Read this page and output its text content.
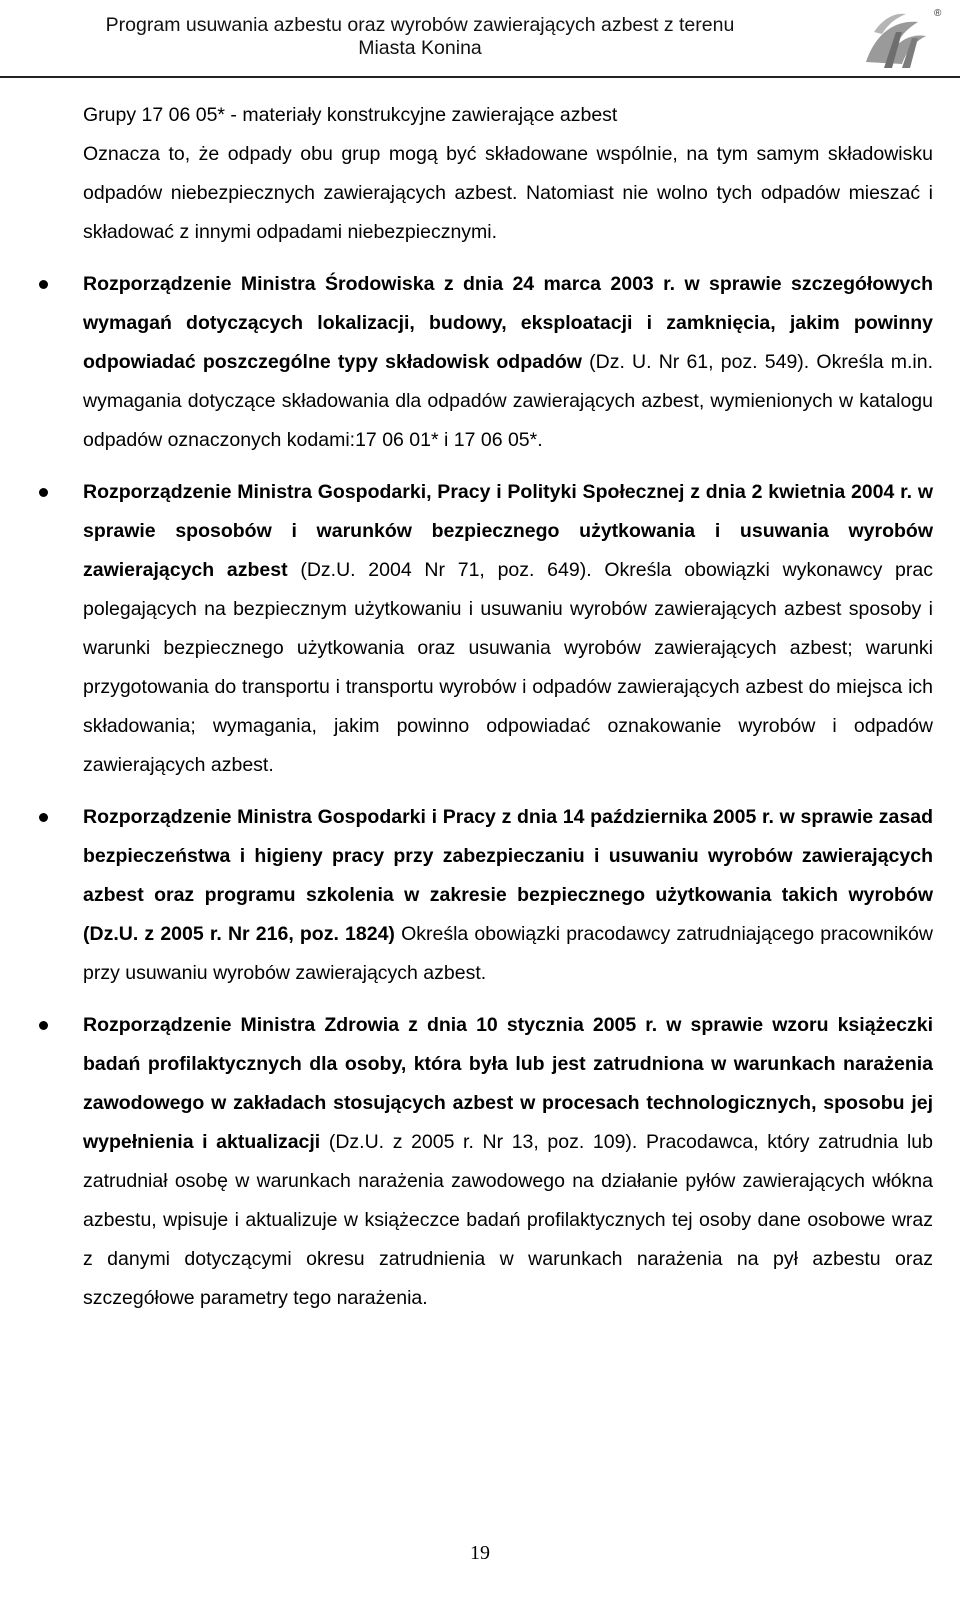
Program usuwania azbestu oraz wyrobów zawierających azbest z terenu
Miasta Konina
®

Grupy 17 06 05* - materiały konstrukcyjne zawierające azbest

Oznacza to, że odpady obu grup mogą być składowane wspólnie, na tym samym składowisku odpadów niebezpiecznych zawierających azbest. Natomiast nie wolno tych odpadów mieszać i składować z innymi odpadami niebezpiecznymi.

Rozporządzenie Ministra Środowiska z dnia 24 marca 2003 r. w sprawie szczegółowych wymagań dotyczących lokalizacji, budowy, eksploatacji i zamknięcia, jakim powinny odpowiadać poszczególne typy składowisk odpadów (Dz. U. Nr 61, poz. 549). Określa m.in. wymagania dotyczące składowania dla odpadów zawierających azbest, wymienionych w katalogu odpadów oznaczonych kodami:17 06 01* i 17 06 05*.

Rozporządzenie Ministra Gospodarki, Pracy i Polityki Społecznej z dnia 2 kwietnia 2004 r. w sprawie sposobów i warunków bezpiecznego użytkowania i usuwania wyrobów zawierających azbest (Dz.U. 2004 Nr 71, poz. 649). Określa obowiązki wykonawcy prac polegających na bezpiecznym użytkowaniu i usuwaniu wyrobów zawierających azbest sposoby i warunki bezpiecznego użytkowania oraz usuwania wyrobów zawierających azbest; warunki przygotowania do transportu i transportu wyrobów i odpadów zawierających azbest do miejsca ich składowania; wymagania, jakim powinno odpowiadać oznakowanie wyrobów i odpadów zawierających azbest.

Rozporządzenie Ministra Gospodarki i Pracy z dnia 14 października 2005 r. w sprawie zasad bezpieczeństwa i higieny pracy przy zabezpieczaniu i usuwaniu wyrobów zawierających azbest oraz programu szkolenia w zakresie bezpiecznego użytkowania takich wyrobów (Dz.U. z 2005 r. Nr 216, poz. 1824) Określa obowiązki pracodawcy zatrudniającego pracowników przy usuwaniu wyrobów zawierających azbest.

Rozporządzenie Ministra Zdrowia z dnia 10 stycznia 2005 r. w sprawie wzoru książeczki badań profilaktycznych dla osoby, która była lub jest zatrudniona w warunkach narażenia zawodowego w zakładach stosujących azbest w procesach technologicznych, sposobu jej wypełnienia i aktualizacji (Dz.U. z 2005 r. Nr 13, poz. 109). Pracodawca, który zatrudnia lub zatrudniał osobę w warunkach narażenia zawodowego na działanie pyłów zawierających włókna azbestu, wpisuje i aktualizuje w książeczce badań profilaktycznych tej osoby dane osobowe wraz z danymi dotyczącymi okresu zatrudnienia w warunkach narażenia na pył azbestu oraz szczegółowe parametry tego narażenia.

19
